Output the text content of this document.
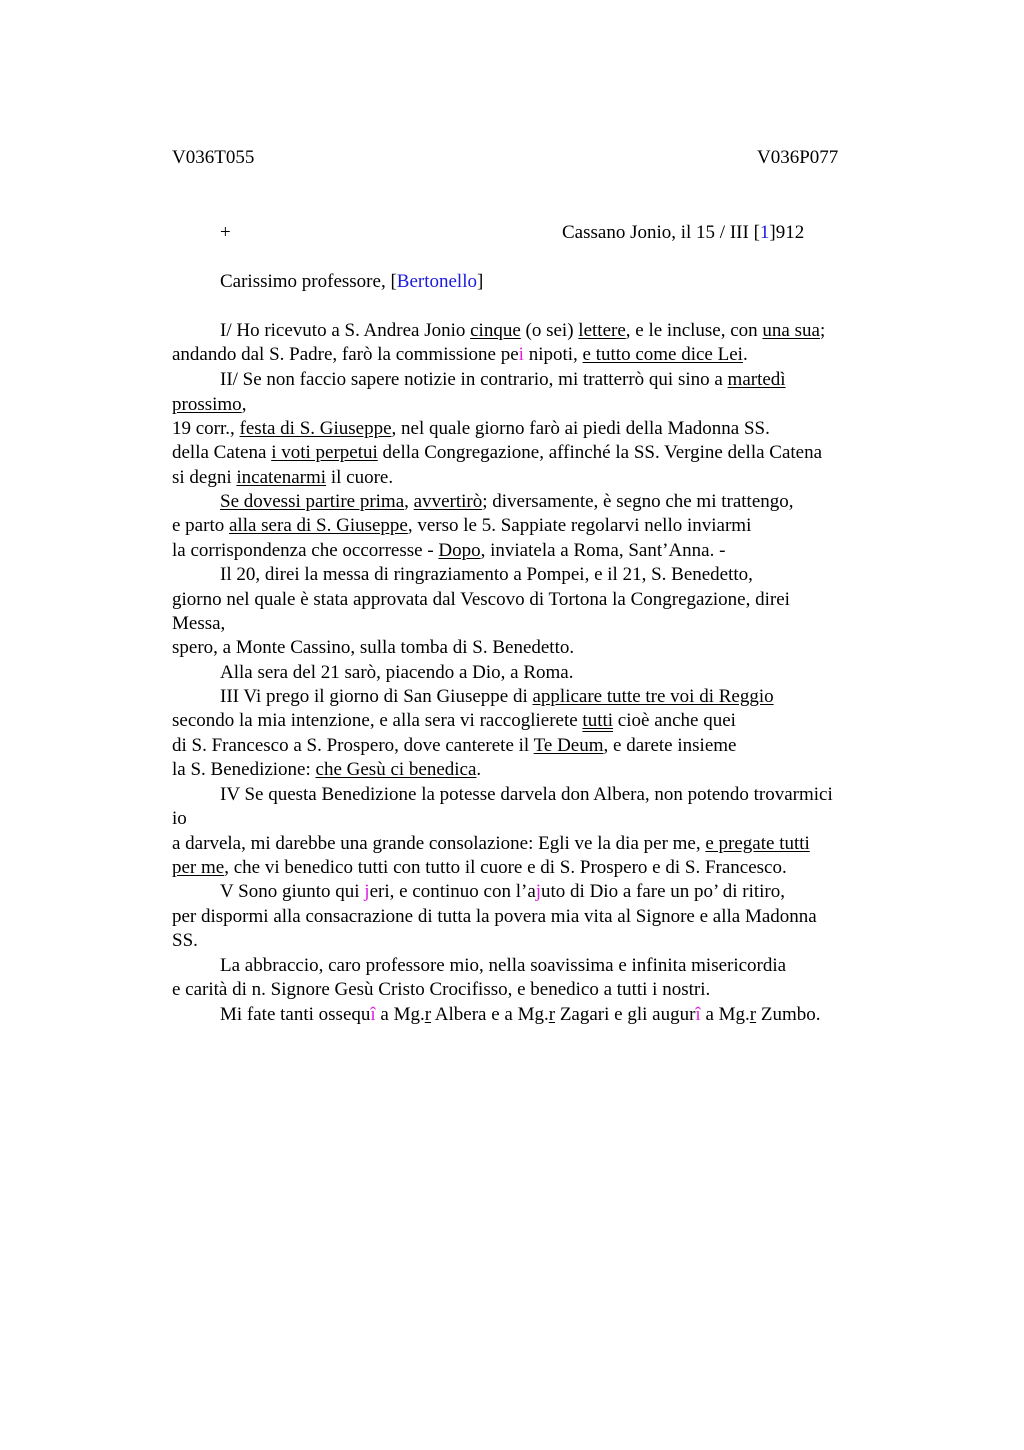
V036T055	V036P077
+	Cassano Jonio, il 15 / III [1]912
Carissimo professore, [Bertonello]
I/ Ho ricevuto a S. Andrea Jonio cinque (o sei) lettere, e le incluse, con una sua;
andando dal S. Padre, farò la commissione pei nipoti, e tutto come dice Lei.
II/ Se non faccio sapere notizie in contrario, mi tratterrò qui sino a martedì
prossimo,
19 corr., festa di S. Giuseppe, nel quale giorno farò ai piedi della Madonna SS.
della Catena i voti perpetui della Congregazione, affinché la SS. Vergine della Catena
si degni incatenarmi il cuore.
Se dovessi partire prima, avvertirò; diversamente, è segno che mi trattengo,
e parto alla sera di S. Giuseppe, verso le 5. Sappiate regolarvi nello inviarmi
la corrispondenza che occorresse - Dopo, inviatela a Roma, Sant’Anna. -
Il 20, direi la messa di ringraziamento a Pompei, e il 21, S. Benedetto,
giorno nel quale è stata approvata dal Vescovo di Tortona la Congregazione, direi
Messa,
spero, a Monte Cassino, sulla tomba di S. Benedetto.
Alla sera del 21 sarò, piacendo a Dio, a Roma.
III Vi prego il giorno di San Giuseppe di applicare tutte tre voi di Reggio
secondo la mia intenzione, e alla sera vi raccoglierete tutti cioè anche quei
di S. Francesco a S. Prospero, dove canterete il Te Deum, e darete insieme
la S. Benedizione: che Gesù ci benedica.
IV Se questa Benedizione la potesse darvela don Albera, non potendo trovarmici
io
a darvela, mi darebbe una grande consolazione: Egli ve la dia per me, e pregate tutti
per me, che vi benedico tutti con tutto il cuore e di S. Prospero e di S. Francesco.
V Sono giunto qui jeri, e continuo con l’ajuto di Dio a fare un po’ di ritiro,
per dispormi alla consacrazione di tutta la povera mia vita al Signore e alla Madonna
SS.
La abbraccio, caro professore mio, nella soavissima e infinita misericordia
e carità di n. Signore Gesù Cristo Crocifisso, e benedico a tutti i nostri.
Mi fate tanti ossequî a Mg.r Albera e a Mg.r Zagari e gli augurî a Mg.r Zumbo.
